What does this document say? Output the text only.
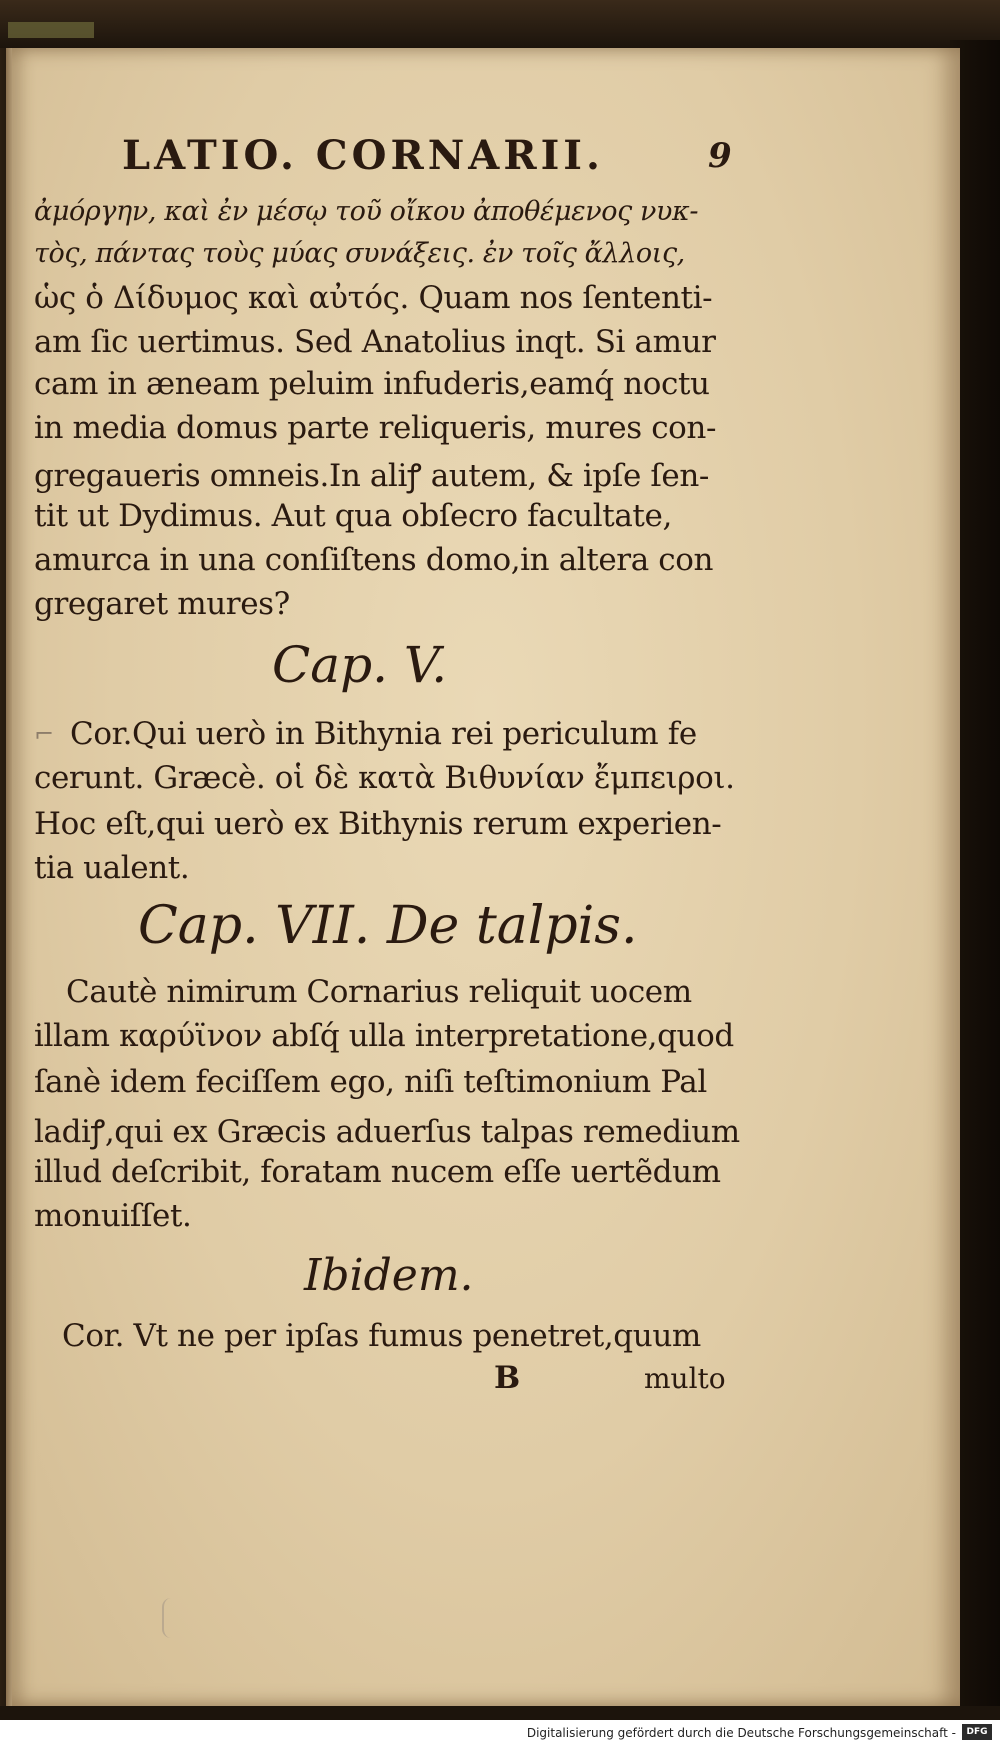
LATIO. CORNARII.	9
ἀμόργην, καὶ ἐν μέσῳ τοῦ οἴκου ἀποθέμενος νυκ-
τὸς, πάντας τοὺς μύας συνάξεις. ἐν τοῖς ἄλλοις,
ὡς ὁ Δίδυμος καὶ αὐτός. Quam nos ſententi-
am ſic uertimus. Sed Anatolius inqt. Si amur
cam in æneam peluim infuderis,eamq́ noctu
in media domus parte reliqueris, mures con-
gregaueris omneis.In aliꝭ autem, & ipſe ſen-
tit ut Dydimus. Aut qua obſecro facultate,
amurca in una conſiſtens domo,in altera con
gregaret mures?
Cap. V.
⌐ Cor.Qui uerò in Bithynia rei periculum fe
cerunt. Græcè. οἱ δὲ κατὰ Βιθυνίαν ἔμπειροι.
Hoc eſt,qui uerò ex Bithynis rerum experien-
tia ualent.
Cap. VII. De talpis.
Cautè nimirum Cornarius reliquit uocem
illam καρύϊνον abſq́ ulla interpretatione,quod
ſanè idem feciſſem ego, niſi teſtimonium Pal
ladiꝭ,qui ex Græcis aduerſus talpas remedium
illud deſcribit, foratam nucem eſſe uertẽdum
monuiſſet.
Ibidem.
Cor. Vt ne per ipſas fumus penetret,quum
B	multo
Digitalisierung gefördert durch die Deutsche Forschungsgemeinschaft -	DFG
